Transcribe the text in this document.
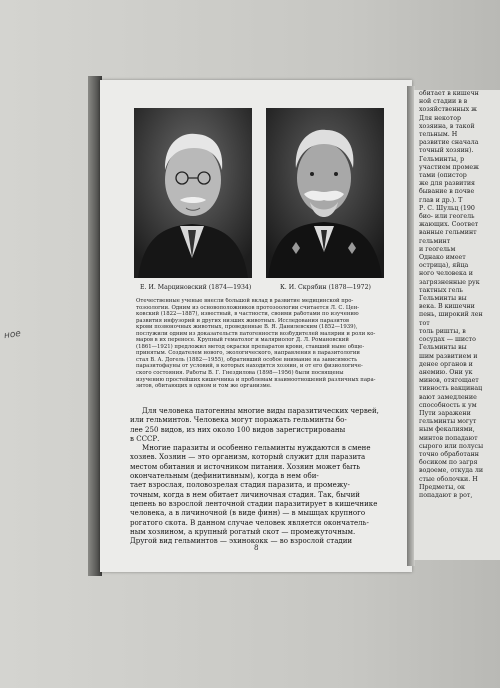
Е. И. Марциновский (1874—1934)	К. И. Скрябин (1878—1972)
Отечественные ученые внесли большой вклад в развитие медицинской про-
тозоологии. Одним из основоположников протозоологии считается Л. С. Цен-
ковский (1822—1887), известный, в частности, своими работами по изучению
развития инфузорий и других низших животных. Исследования паразитов
крови позвоночных животных, проведенные В. Я. Данилевским (1852—1939),
послужили одним из доказательств патогенности возбудителей малярии и роли ко-
маров в их переносе. Крупный гематолог и маляриолог Д. Л. Романовский
(1861—1921) предложил метод окраски препаратов крови, ставший ныне обще-
принятым. Создателем нового, экологического, направления в паразитологии
стал В. А. Догель (1882—1955), обративший особое внимание на зависимость
паразитофауны от условий, в которых находится хозяин, и от его физиологиче-
ского состояния. Работы В. Г. Гнездилова (1898—1956) были посвящены
изучению простейших кишечника и проблемам взаимоотношений различных пара-
зитов, обитающих в одном и том же организме.
Для человека патогенны многие виды паразитических червей,
или гельминтов. Человека могут поражать гельминты бо-
лее 250 видов, из них около 100 видов зарегистрированы
в СССР.
Многие паразиты и особенно гельминты нуждаются в смене
хозяев. Хозяин — это организм, который служит для паразита
местом обитания и источником питания. Хозяин может быть
окончательным (дефинитивным), когда в нем оби-
тает взрослая, половозрелая стадия паразита, и промежу-
точным, когда в нем обитает личиночная стадия. Так, бычий
цепень во взрослой ленточной стадии паразитирует в кишечнике
человека, а в личиночной (в виде финн) — в мышцах крупного
рогатого скота. В данном случае человек является окончатель-
ным хозяином, а крупный рогатый скот — промежуточным.
Другой вид гельминтов — эхинококк — во взрослой стадии
8
ное
обитает в кишечн
ной стадии в в
хозяйственных ж
Для некотор
хозяина, в такой
тельным. Н
развитие сначала
точный хозяин).
Гельминты, р
участием промеж
тами (опистор
же для развития
бывание в почве
глав и др.). Т
Р. С. Шульц (190
био- или геогель
жающих. Соответ
ванные гельминт
гельминт
и геогельм
Однако имеет
острица), яйца
ного человека и
загрязненные рук
тактных гель
Гельминты вы
века. В кишечни
пень, широкий лен
тот
толь ришты, в
сосудах — шисто
Гельминты вы
шим развитием и
денее органов и
анемию. Они ук
минов, отягощает
тивность вакцинац
вают замедление
способность к ум
Пути заражени
гельминты могут
ным фекалиями,
минтов попадают
сырого или полусы
точно обработанн
босиком по загря
водоеме, откуда ли
стые оболочки. Н
Предметы, ок
попадают в рот,
